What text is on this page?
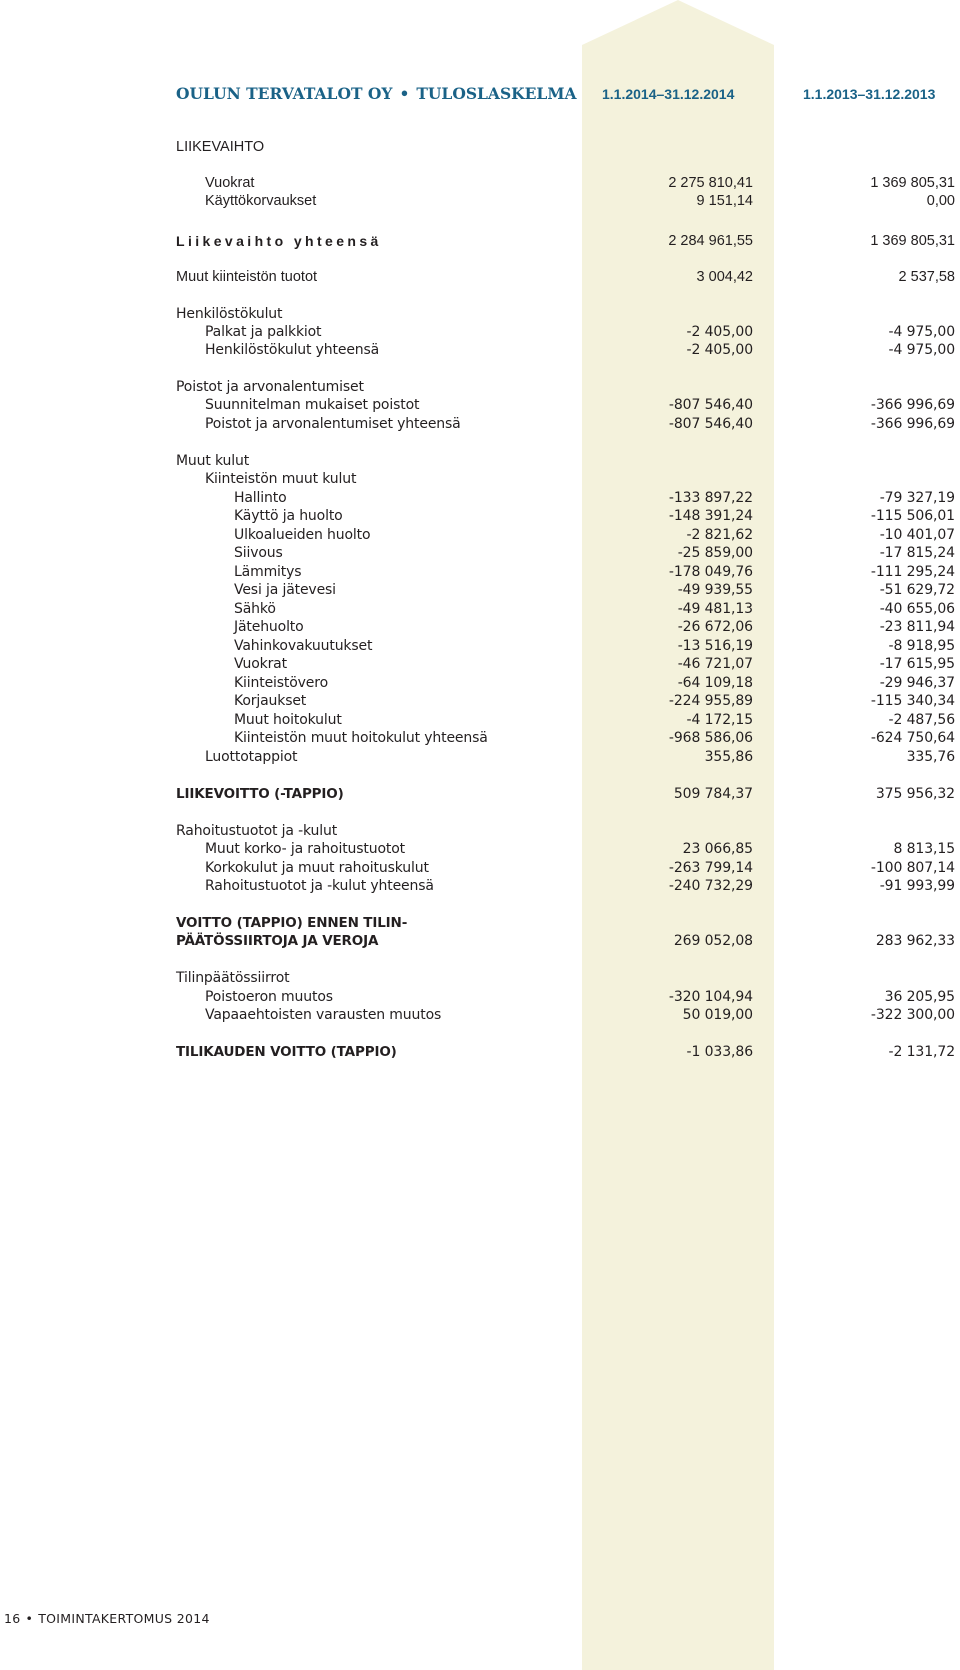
OULUN TERVATALOT OY • TULOSLASKELMA 1.1.2014–31.12.2014	1.1.2013–31.12.2013
LIIKEVAIHTO
Vuokrat	2 275 810,41	1 369 805,31
Käyttökorvaukset	9 151,14	0,00
Liikevaihto yhteensä	2 284 961,55	1 369 805,31
Muut kiinteistön tuotot	3 004,42	2 537,58
Henkilöstökulut
Palkat ja palkkiot	-2 405,00	-4 975,00
Henkilöstökulut yhteensä	-2 405,00	-4 975,00
Poistot ja arvonalentumiset
Suunnitelman mukaiset poistot	-807 546,40	-366 996,69
Poistot ja arvonalentumiset yhteensä	-807 546,40	-366 996,69
Muut kulut
Kiinteistön muut kulut
Hallinto	-133 897,22	-79 327,19
Käyttö ja huolto	-148 391,24	-115 506,01
Ulkoalueiden huolto	-2 821,62	-10 401,07
Siivous	-25 859,00	-17 815,24
Lämmitys	-178 049,76	-111 295,24
Vesi ja jätevesi	-49 939,55	-51 629,72
Sähkö	-49 481,13	-40 655,06
Jätehuolto	-26 672,06	-23 811,94
Vahinkovakuutukset	-13 516,19	-8 918,95
Vuokrat	-46 721,07	-17 615,95
Kiinteistövero	-64 109,18	-29 946,37
Korjaukset	-224 955,89	-115 340,34
Muut hoitokulut	-4 172,15	-2 487,56
Kiinteistön muut hoitokulut yhteensä	-968 586,06	-624 750,64
Luottotappiot	355,86	335,76
LIIKEVOITTO (-TAPPIO)	509 784,37	375 956,32
Rahoitustuotot ja -kulut
Muut korko- ja rahoitustuotot	23 066,85	8 813,15
Korkokulut ja muut rahoituskulut	-263 799,14	-100 807,14
Rahoitustuotot ja -kulut yhteensä	-240 732,29	-91 993,99
VOITTO (TAPPIO) ENNEN TILIN-
PÄÄTÖSSIIRTOJA JA VEROJA	269 052,08	283 962,33
Tilinpäätössiirrot
Poistoeron muutos	-320 104,94	36 205,95
Vapaaehtoisten varausten muutos	50 019,00	-322 300,00
TILIKAUDEN VOITTO (TAPPIO)	-1 033,86	-2 131,72
16 • TOIMINTAKERTOMUS 2014
